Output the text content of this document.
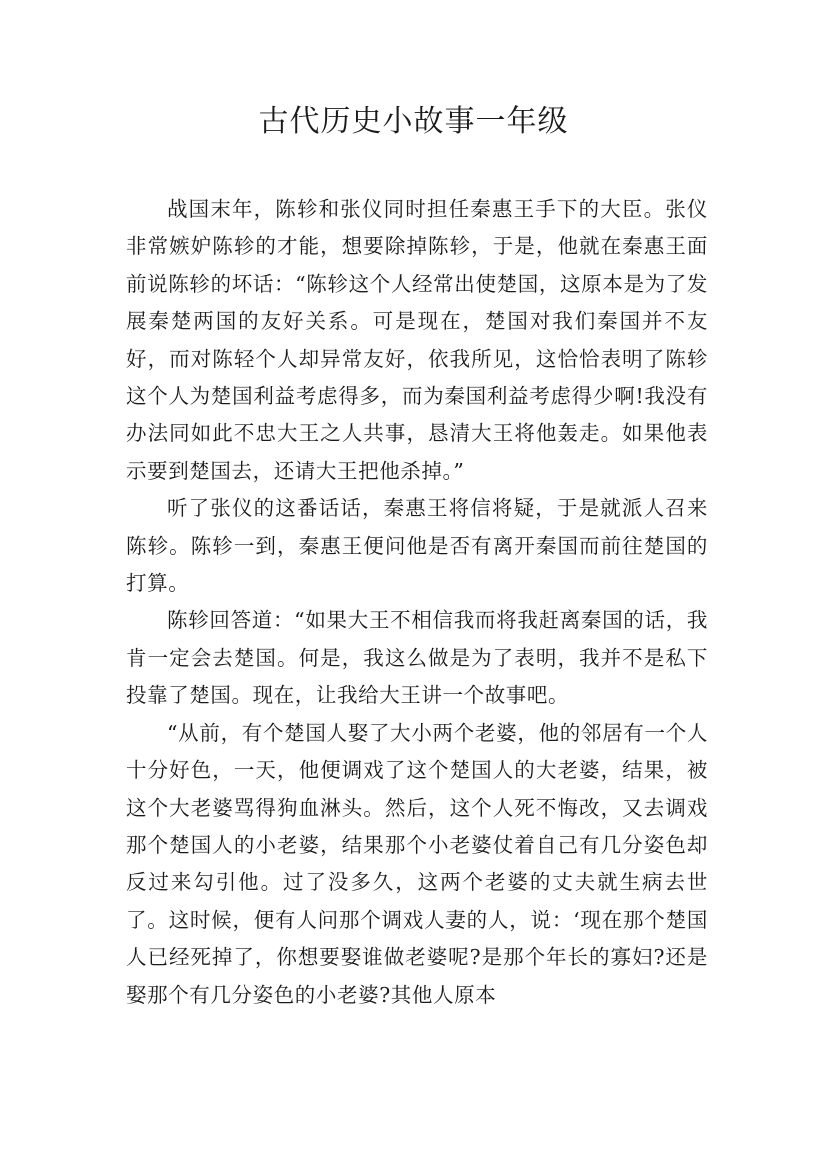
古代历史小故事一年级

战国末年，陈轸和张仪同时担任秦惠王手下的大臣。张仪非常嫉妒陈轸的才能，想要除掉陈轸，于是，他就在秦惠王面前说陈轸的坏话：“陈轸这个人经常出使楚国，这原本是为了发展秦楚两国的友好关系。可是现在，楚国对我们秦国并不友好，而对陈轻个人却异常友好，依我所见，这恰恰表明了陈轸这个人为楚国利益考虑得多，而为秦国利益考虑得少啊!我没有办法同如此不忠大王之人共事，恳清大王将他轰走。如果他表示要到楚国去，还请大王把他杀掉。”

听了张仪的这番话话，秦惠王将信将疑，于是就派人召来陈轸。陈轸一到，秦惠王便问他是否有离开秦国而前往楚国的打算。

陈轸回答道：“如果大王不相信我而将我赶离秦国的话，我肯一定会去楚国。何是，我这么做是为了表明，我并不是私下投靠了楚国。现在，让我给大王讲一个故事吧。

“从前，有个楚国人娶了大小两个老婆，他的邻居有一个人十分好色，一天，他便调戏了这个楚国人的大老婆，结果，被这个大老婆骂得狗血淋头。然后，这个人死不悔改，又去调戏那个楚国人的小老婆，结果那个小老婆仗着自己有几分姿色却反过来勾引他。过了没多久，这两个老婆的丈夫就生病去世了。这时候，便有人问那个调戏人妻的人，说：‘现在那个楚国人已经死掉了，你想要娶谁做老婆呢?是那个年长的寡妇?还是娶那个有几分姿色的小老婆?其他人原本
